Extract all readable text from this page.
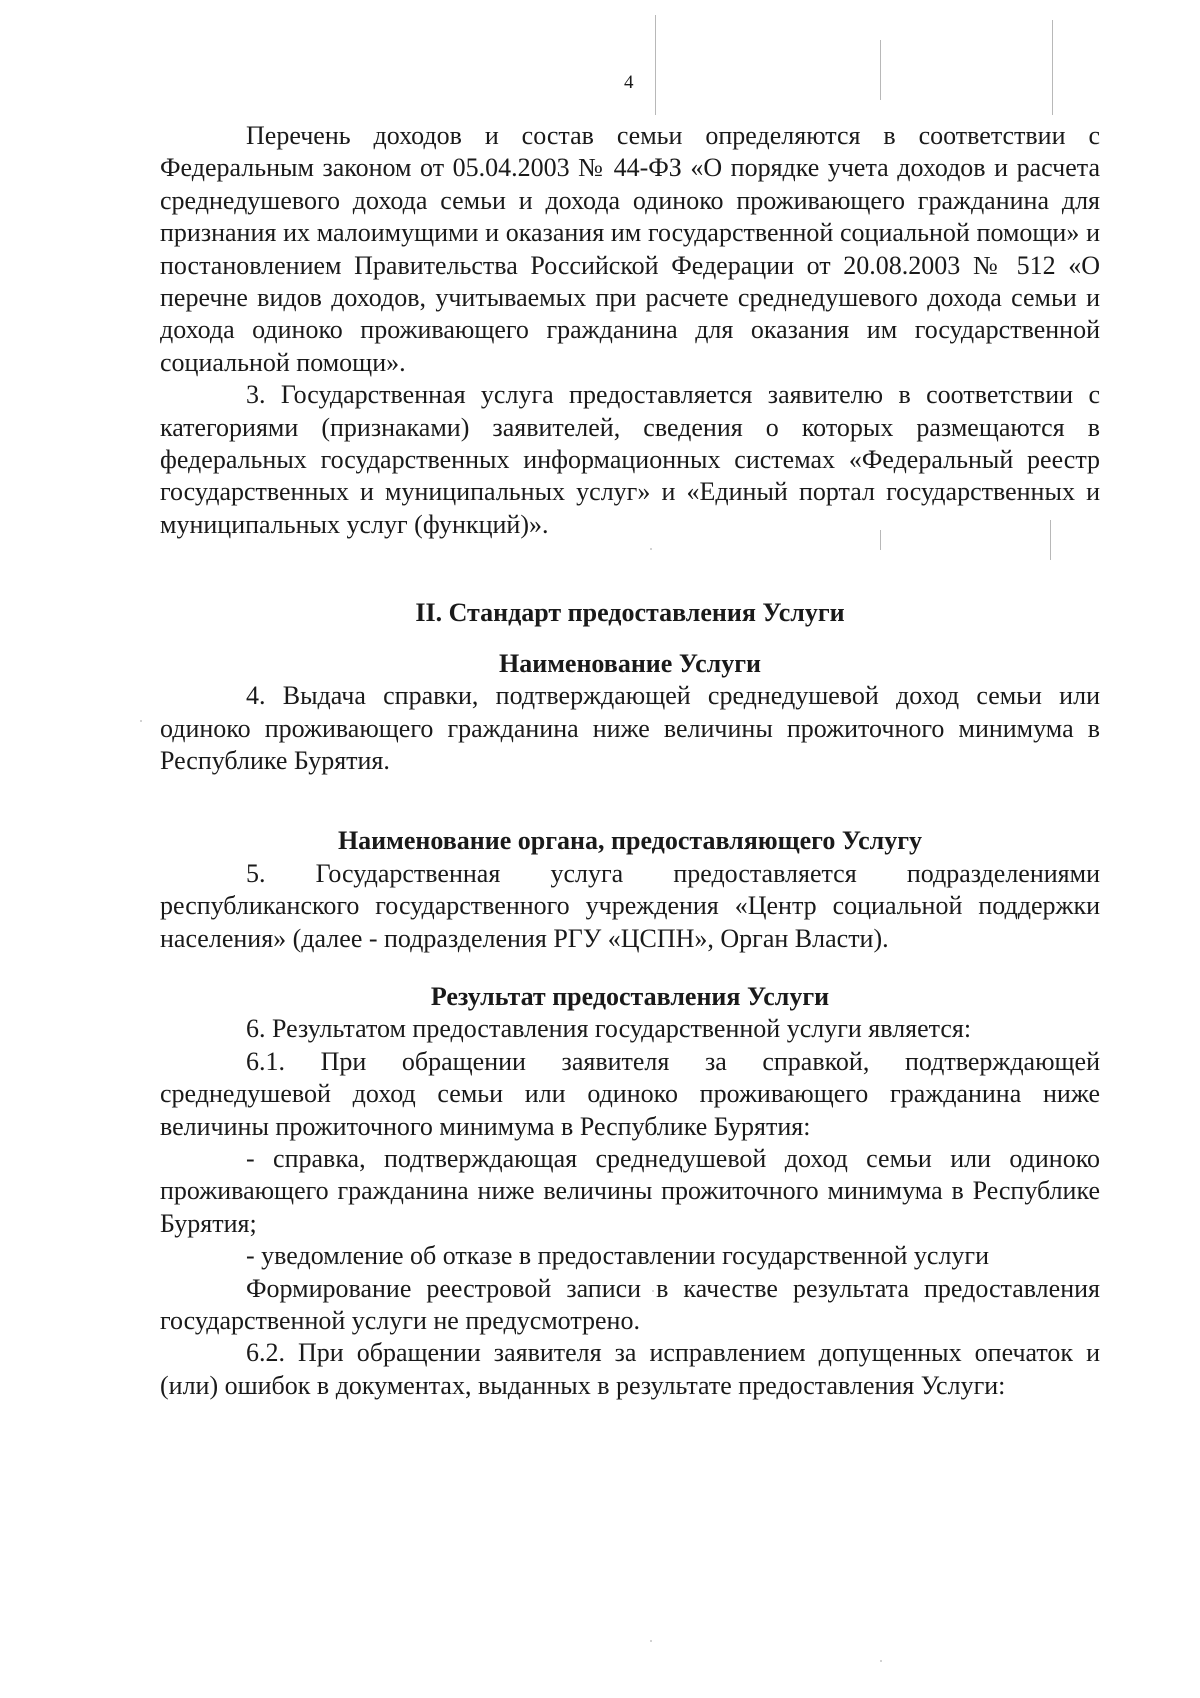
4

Перечень доходов и состав семьи определяются в соответствии с Федеральным законом от 05.04.2003 № 44-ФЗ «О порядке учета доходов и расчета среднедушевого дохода семьи и дохода одиноко проживающего гражданина для признания их малоимущими и оказания им государственной социальной помощи» и постановлением Правительства Российской Федерации от 20.08.2003 № 512 «О перечне видов доходов, учитываемых при расчете среднедушевого дохода семьи и дохода одиноко проживающего гражданина для оказания им государственной социальной помощи».

3. Государственная услуга предоставляется заявителю в соответствии с категориями (признаками) заявителей, сведения о которых размещаются в федеральных государственных информационных системах «Федеральный реестр государственных и муниципальных услуг» и «Единый портал государственных и муниципальных услуг (функций)».

II. Стандарт предоставления Услуги
Наименование Услуги

4. Выдача справки, подтверждающей среднедушевой доход семьи или одиноко проживающего гражданина ниже величины прожиточного минимума в Республике Бурятия.

Наименование органа, предоставляющего Услугу

5. Государственная услуга предоставляется подразделениями республиканского государственного учреждения «Центр социальной поддержки населения» (далее - подразделения РГУ «ЦСПН», Орган Власти).

Результат предоставления Услуги

6. Результатом предоставления государственной услуги является:

6.1. При обращении заявителя за справкой, подтверждающей среднедушевой доход семьи или одиноко проживающего гражданина ниже величины прожиточного минимума в Республике Бурятия:

- справка, подтверждающая среднедушевой доход семьи или одиноко проживающего гражданина ниже величины прожиточного минимума в Республике Бурятия;

- уведомление об отказе в предоставлении государственной услуги

Формирование реестровой записи в качестве результата предоставления государственной услуги не предусмотрено.

6.2. При обращении заявителя за исправлением допущенных опечаток и (или) ошибок в документах, выданных в результате предоставления Услуги:
